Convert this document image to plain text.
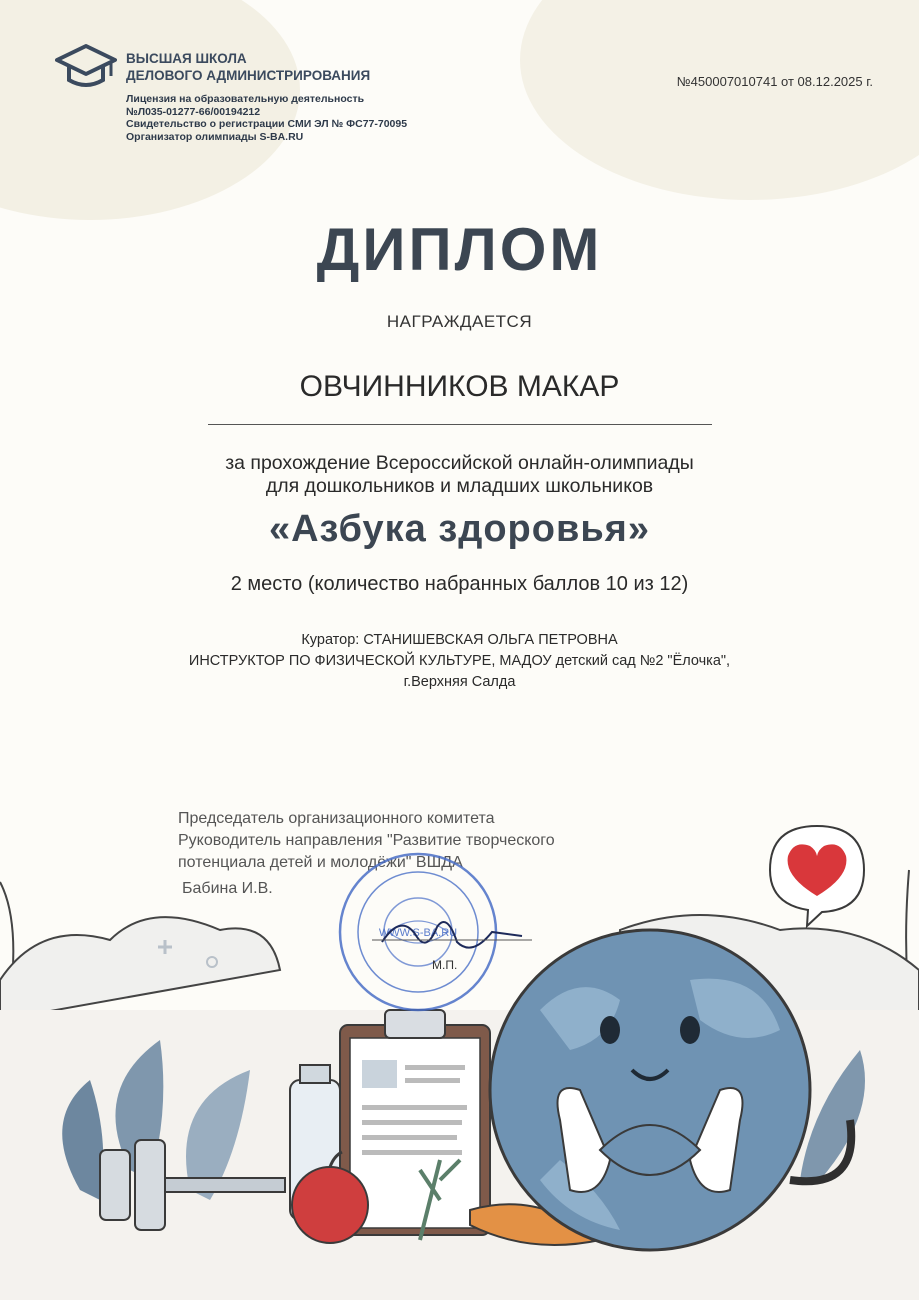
ВЫСШАЯ ШКОЛА
ДЕЛОВОГО АДМИНИСТРИРОВАНИЯ
Лицензия на образовательную деятельность
№Л035-01277-66/00194212
Свидетельство о регистрации СМИ ЭЛ № ФС77-70095
Организатор олимпиады S-BA.RU
№450007010741 от 08.12.2025 г.
ДИПЛОМ
НАГРАЖДАЕТСЯ
ОВЧИННИКОВ МАКАР
за прохождение Всероссийской онлайн-олимпиады
для дошкольников и младших школьников
«Азбука здоровья»
2 место (количество набранных баллов 10 из 12)
Куратор: СТАНИШЕВСКАЯ ОЛЬГА ПЕТРОВНА
ИНСТРУКТОР ПО ФИЗИЧЕСКОЙ КУЛЬТУРЕ, МАДОУ детский сад №2 "Ёлочка",
г.Верхняя Салда
Председатель организационного комитета
Руководитель направления "Развитие творческого
потенциала детей и молодёжи" ВШДА
Бабина И.В.
WWW.S-BA.RU
М.П.
